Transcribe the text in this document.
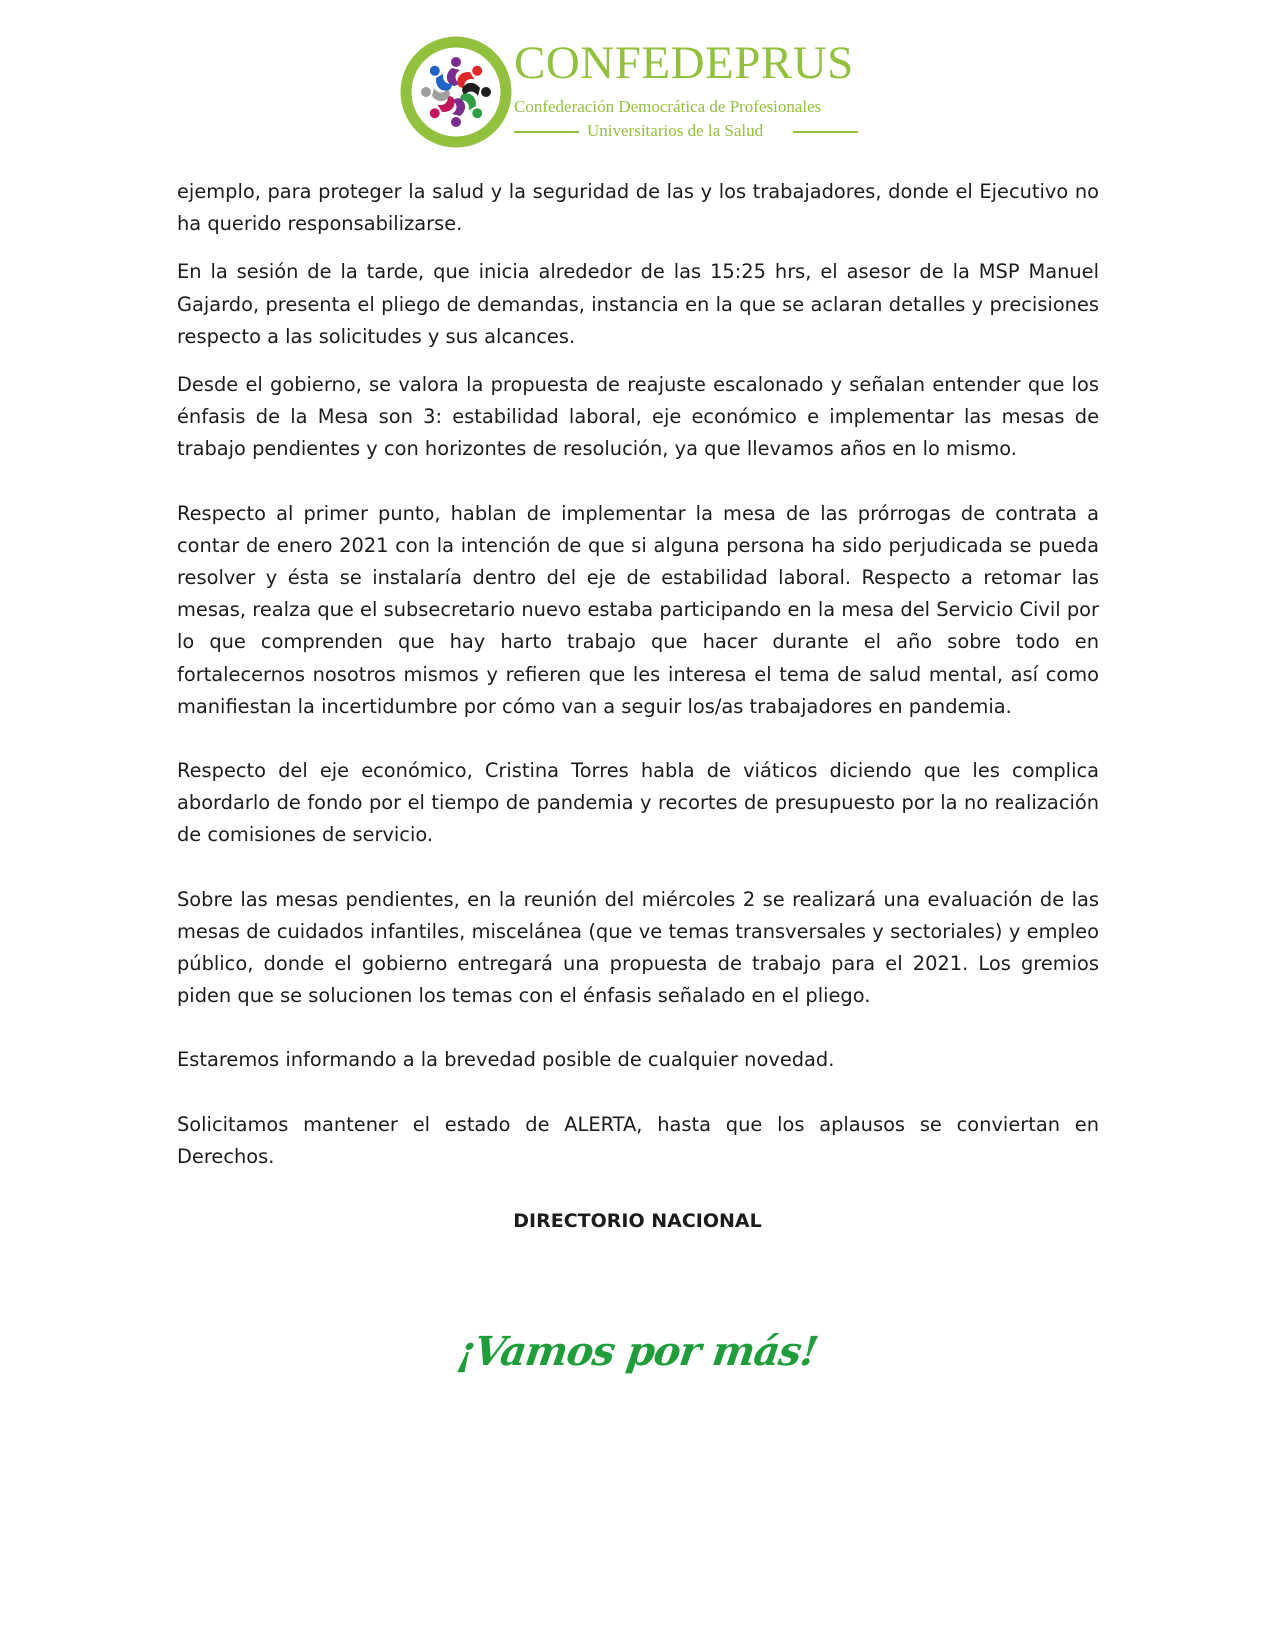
CONFEDEPRUS
Confederación Democrática de Profesionales
Universitarios de la Salud

ejemplo, para proteger la salud y la seguridad de las y los trabajadores, donde el Ejecutivo no ha querido responsabilizarse.

En la sesión de la tarde, que inicia alrededor de las 15:25 hrs, el asesor de la MSP Manuel Gajardo, presenta el pliego de demandas, instancia en la que se aclaran detalles y precisiones respecto a las solicitudes y sus alcances.

Desde el gobierno, se valora la propuesta de reajuste escalonado y señalan entender que los énfasis de la Mesa son 3: estabilidad laboral, eje económico e implementar las mesas de trabajo pendientes y con horizontes de resolución, ya que llevamos años en lo mismo.

Respecto al primer punto, hablan de implementar la mesa de las prórrogas de contrata a contar de enero 2021 con la intención de que si alguna persona ha sido perjudicada se pueda resolver y ésta se instalaría dentro del eje de estabilidad laboral. Respecto a retomar las mesas, realza que el subsecretario nuevo estaba participando en la mesa del Servicio Civil por lo que comprenden que hay harto trabajo que hacer durante el año sobre todo en fortalecernos nosotros mismos y refieren que les interesa el tema de salud mental, así como manifiestan la incertidumbre por cómo van a seguir los/as trabajadores en pandemia.

Respecto del eje económico, Cristina Torres habla de viáticos diciendo que les complica abordarlo de fondo por el tiempo de pandemia y recortes de presupuesto por la no realización de comisiones de servicio.

Sobre las mesas pendientes, en la reunión del miércoles 2 se realizará una evaluación de las mesas de cuidados infantiles, miscelánea (que ve temas transversales y sectoriales) y empleo público, donde el gobierno entregará una propuesta de trabajo para el 2021. Los gremios piden que se solucionen los temas con el énfasis señalado en el pliego.

Estaremos informando a la brevedad posible de cualquier novedad.

Solicitamos mantener el estado de ALERTA, hasta que los aplausos se conviertan en Derechos.

DIRECTORIO NACIONAL
¡Vamos por más!
